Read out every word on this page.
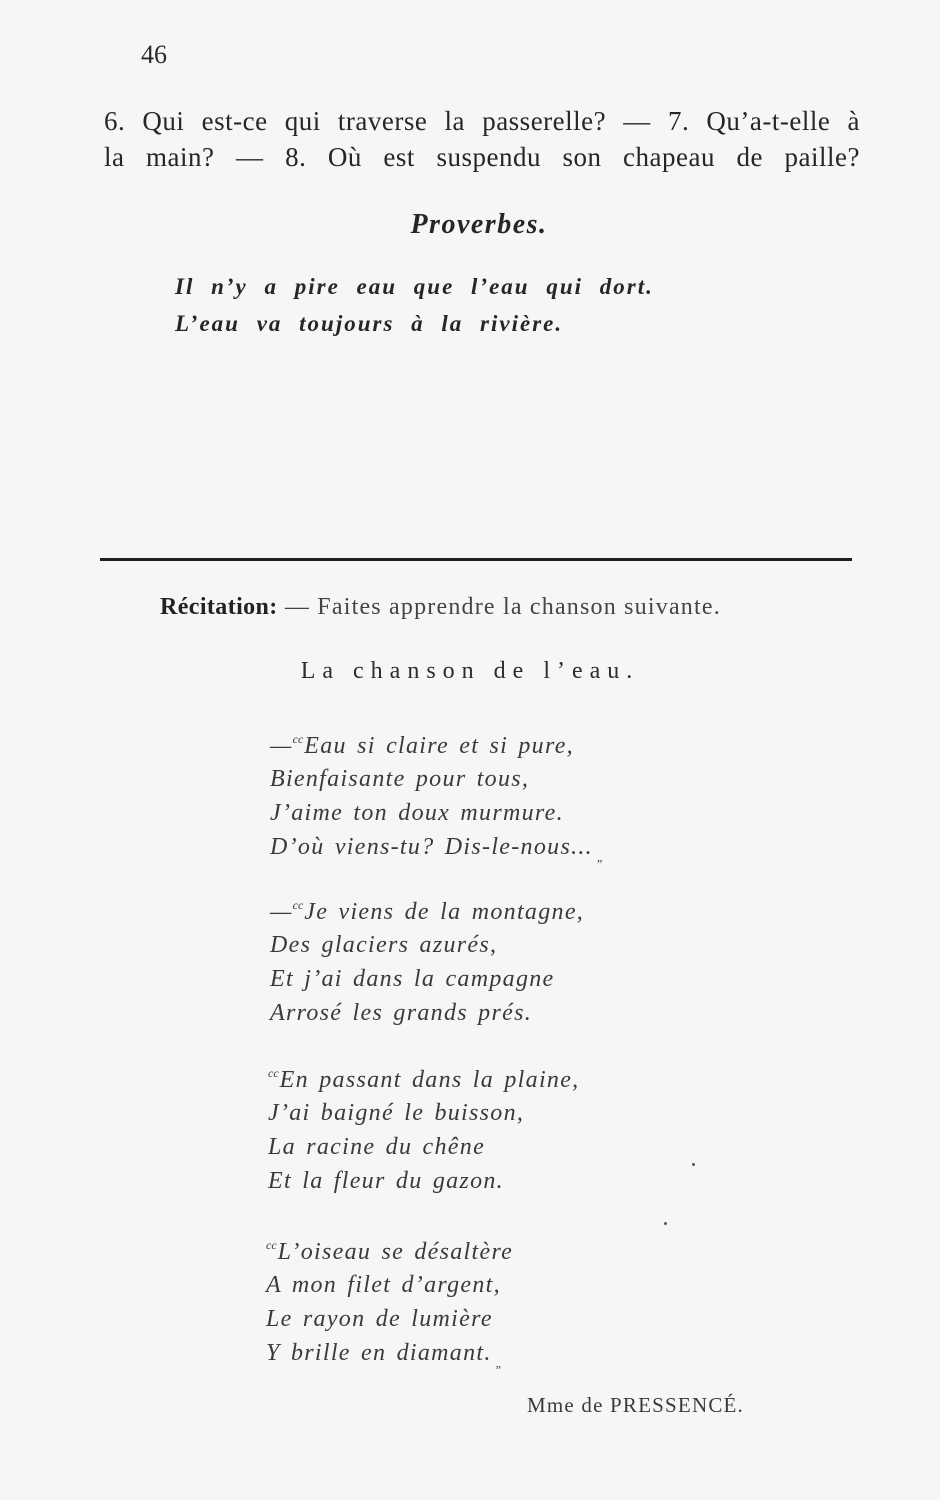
46
6. Qui est-ce qui traverse la passerelle? — 7. Qu’a-t-elle à
la main? — 8. Où est suspendu son chapeau de paille?
Proverbes.
Il n’y a pire eau que l’eau qui dort.
L’eau va toujours à la rivière.
Récitation: — Faites apprendre la chanson suivante.
La chanson de l’eau.
—$^{cc}$Eau si claire et si pure,
Bienfaisante pour tous,
J’aime ton doux murmure.
D’où viens-tu? Dis-le-nous... $_„$
—$^{cc}$Je viens de la montagne,
Des glaciers azurés,
Et j’ai dans la campagne
Arrosé les grands prés.
$^{cc}$En passant dans la plaine,
J’ai baigné le buisson,
La racine du chêne
Et la fleur du gazon.
$^{cc}$L’oiseau se désaltère
A mon filet d’argent,
Le rayon de lumière
Y brille en diamant. $_„$
Mme de PRESSENCÉ.
